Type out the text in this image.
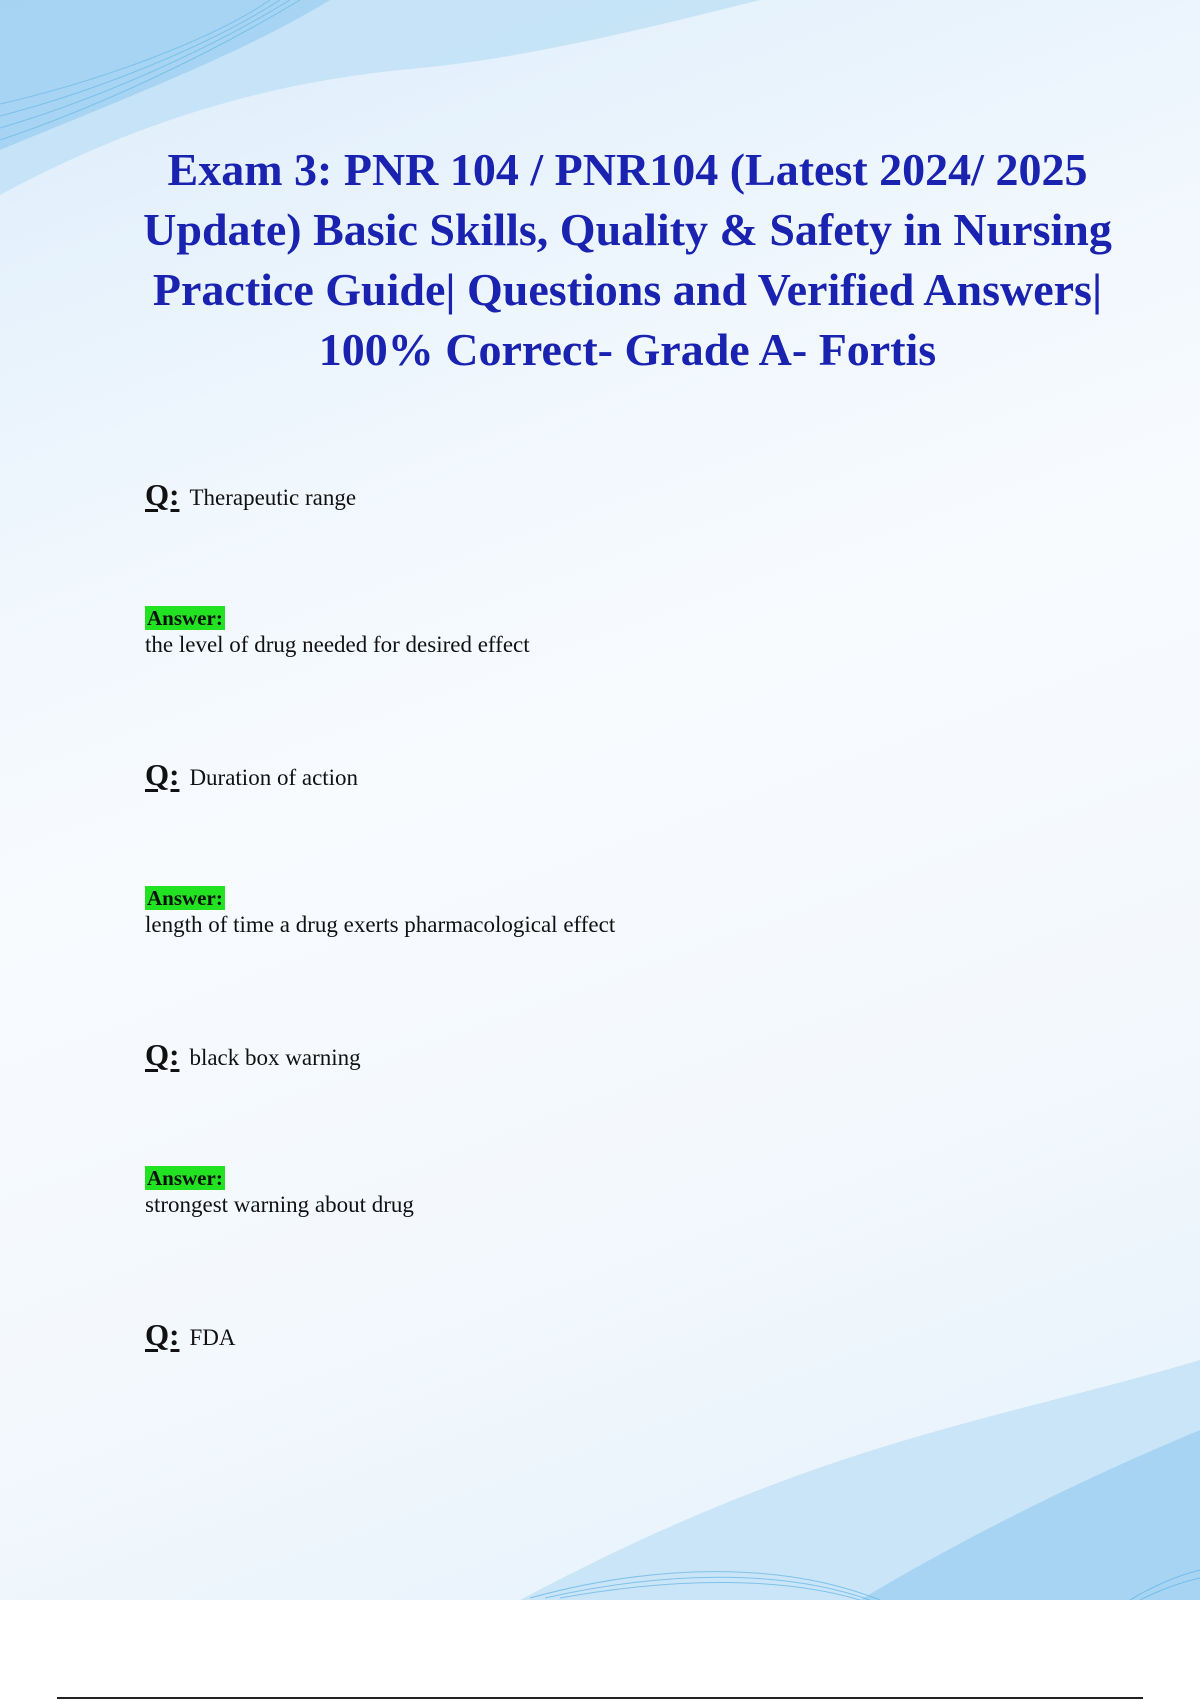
Exam 3: PNR 104 / PNR104 (Latest 2024/ 2025 Update) Basic Skills, Quality & Safety in Nursing Practice Guide| Questions and Verified Answers| 100% Correct- Grade A- Fortis
Q: Therapeutic range
Answer:
the level of drug needed for desired effect
Q: Duration of action
Answer:
length of time a drug exerts pharmacological effect
Q: black box warning
Answer:
strongest warning about drug
Q: FDA
